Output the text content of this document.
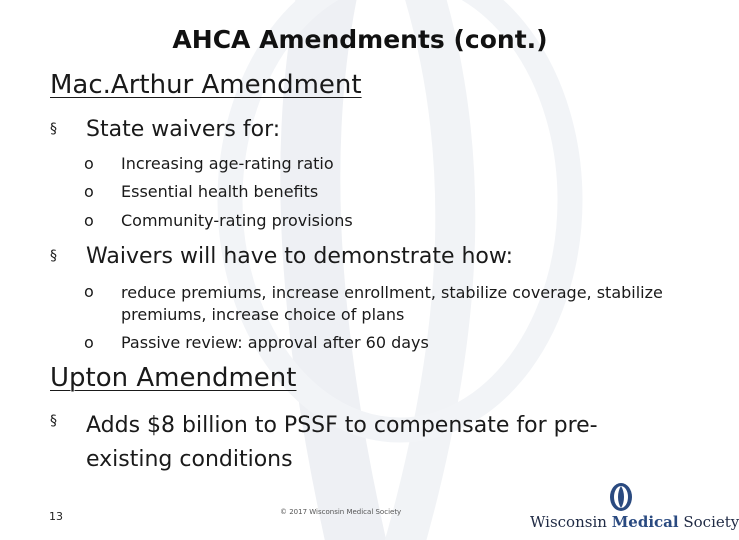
AHCA Amendments (cont.)
Mac.Arthur Amendment
§ State waivers for:
o Increasing age-rating ratio
o Essential health benefits
o Community-rating provisions
§ Waivers will have to demonstrate how:
o reduce premiums, increase enrollment, stabilize coverage, stabilize premiums, increase choice of plans
o Passive review: approval after 60 days
Upton Amendment
§ Adds $8 billion to PSSF to compensate for pre-existing conditions
13	© 2017 Wisconsin Medical Society
Wisconsin Medical Society
